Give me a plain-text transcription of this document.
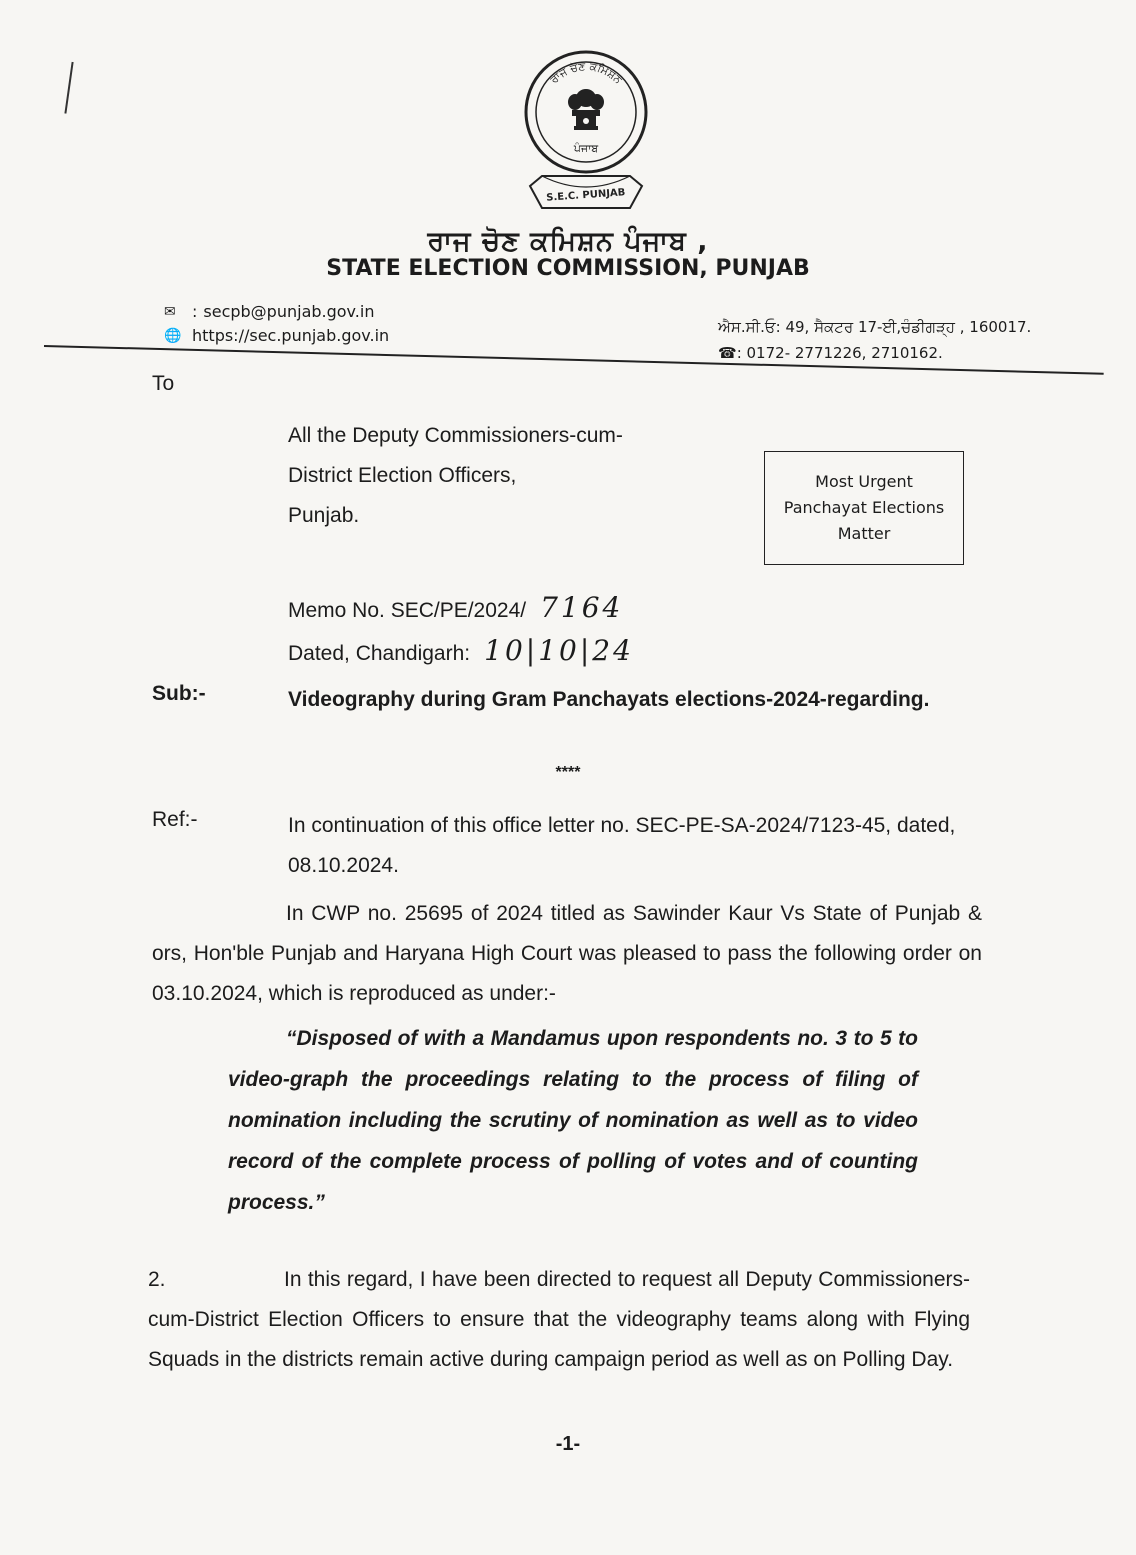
ਰਾਜ ਚੋਣ ਕਮਿਸ਼ਨ
ਪੰਜਾਬ
S.E.C. PUNJAB
ਰਾਜ ਚੋਣ ਕਮਿਸ਼ਨ ਪੰਜਾਬ ,
STATE ELECTION COMMISSION, PUNJAB
✉	: secpb@punjab.gov.in
🌐 https://sec.punjab.gov.in	ਐਸ.ਸੀ.ਓ: 49, ਸੈਕਟਰ 17-ਈ,ਚੰਡੀਗੜ੍ਹ , 160017.
☎: 0172- 2771226, 2710162.
To
All the Deputy Commissioners-cum-
District Election Officers,
Punjab.
Most Urgent
Panchayat Elections
Matter
Memo No. SEC/PE/2024/ 7164
Dated, Chandigarh: 10|10|24
Sub:-	Videography during Gram Panchayats elections-2024-regarding.
****
Ref:-	In continuation of this office letter no. SEC-PE-SA-2024/7123-45, dated, 08.10.2024.
In CWP no. 25695 of 2024 titled as Sawinder Kaur Vs State of Punjab & ors, Hon'ble Punjab and Haryana High Court was pleased to pass the following order on 03.10.2024, which is reproduced as under:-
“Disposed of with a Mandamus upon respondents no. 3 to 5 to video-graph the proceedings relating to the process of filing of nomination including the scrutiny of nomination as well as to video record of the complete process of polling of votes and of counting process.”
2.	In this regard, I have been directed to request all Deputy Commissioners-cum-District Election Officers to ensure that the videography teams along with Flying Squads in the districts remain active during campaign period as well as on Polling Day.
-1-
